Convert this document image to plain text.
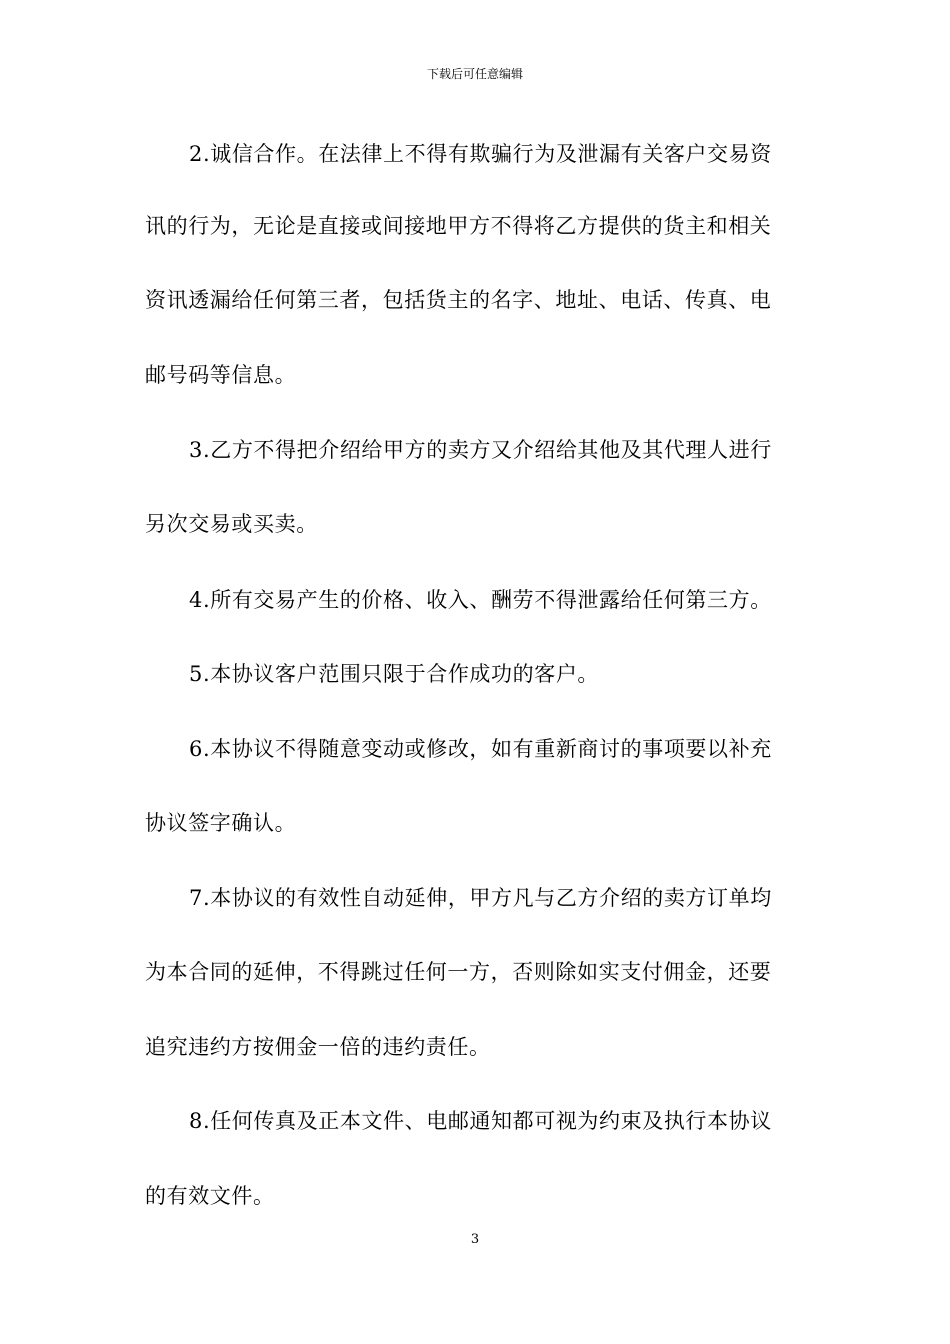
下载后可任意编辑
2.诚信合作。在法律上不得有欺骗行为及泄漏有关客户交易资
讯的行为，无论是直接或间接地甲方不得将乙方提供的货主和相关
资讯透漏给任何第三者，包括货主的名字、地址、电话、传真、电
邮号码等信息。
3.乙方不得把介绍给甲方的卖方又介绍给其他及其代理人进行
另次交易或买卖。
4.所有交易产生的价格、收入、酬劳不得泄露给任何第三方。
5.本协议客户范围只限于合作成功的客户。
6.本协议不得随意变动或修改，如有重新商讨的事项要以补充
协议签字确认。
7.本协议的有效性自动延伸，甲方凡与乙方介绍的卖方订单均
为本合同的延伸，不得跳过任何一方，否则除如实支付佣金，还要
追究违约方按佣金一倍的违约责任。
8.任何传真及正本文件、电邮通知都可视为约束及执行本协议
的有效文件。
3
